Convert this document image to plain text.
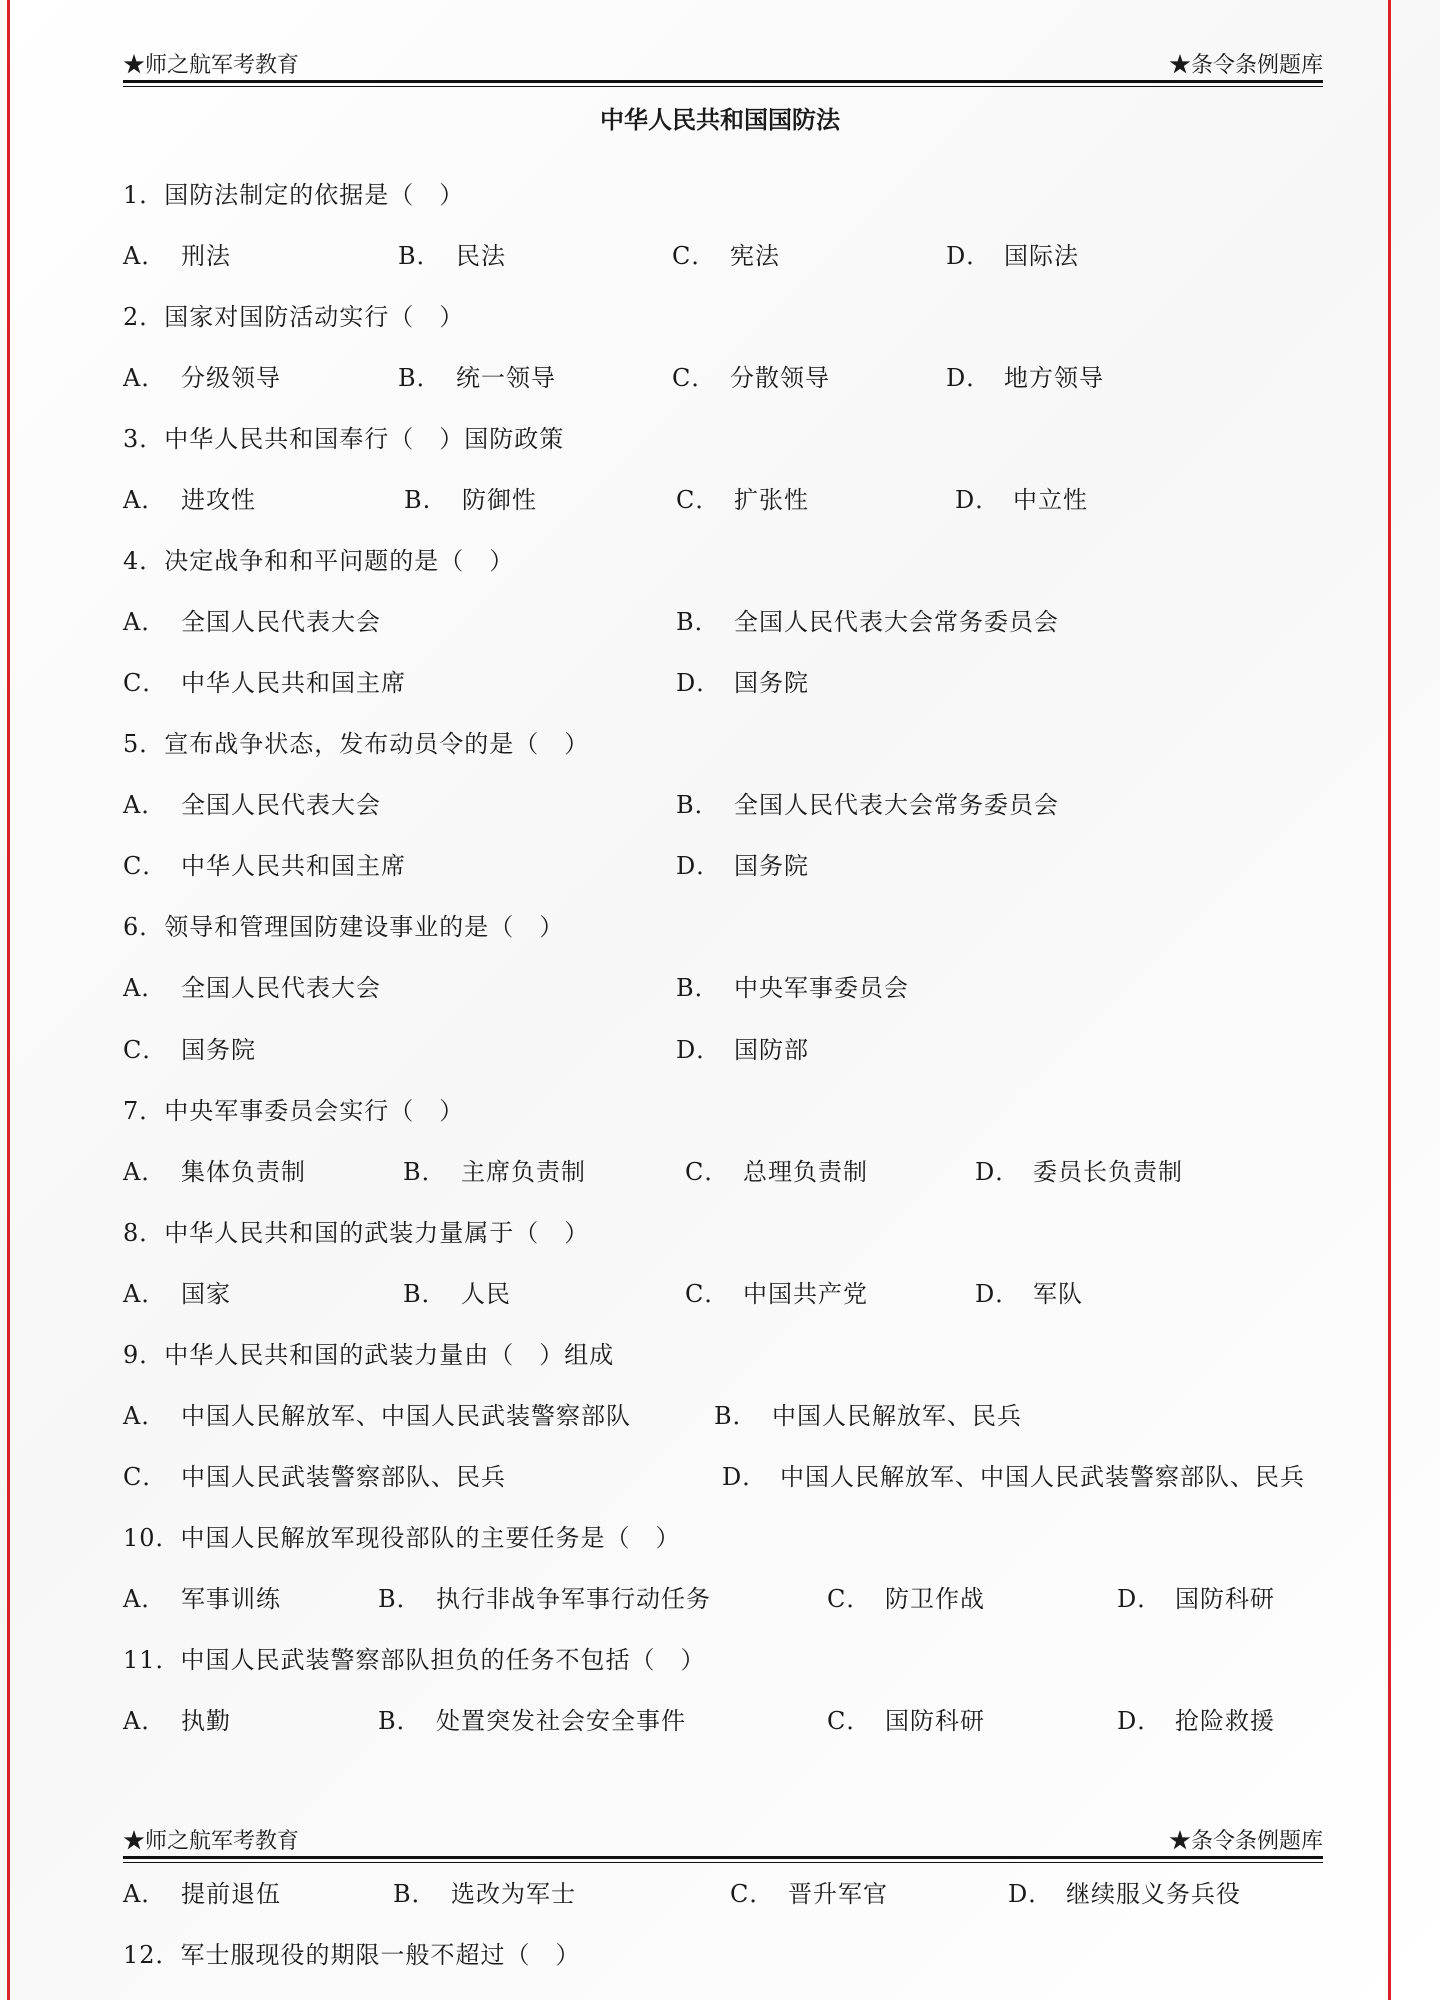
★师之航军考教育	★条令条例题库
中华人民共和国国防法
1．国防法制定的依据是（　）
A． 刑法	B． 民法	C． 宪法	D． 国际法
2．国家对国防活动实行（　）
A． 分级领导	B． 统一领导	C． 分散领导	D． 地方领导
3．中华人民共和国奉行（　）国防政策
A． 进攻性	B. 防御性	C． 扩张性	D． 中立性
4．决定战争和和平问题的是（　）
A． 全国人民代表大会	B． 全国人民代表大会常务委员会
C． 中华人民共和国主席	D． 国务院
5．宣布战争状态，发布动员令的是（　）
A． 全国人民代表大会	B． 全国人民代表大会常务委员会
C． 中华人民共和国主席	D． 国务院
6．领导和管理国防建设事业的是（　）
A． 全国人民代表大会	B． 中央军事委员会
C． 国务院	D． 国防部
7．中央军事委员会实行（　）
A． 集体负责制	B． 主席负责制	C． 总理负责制	D． 委员长负责制
8．中华人民共和国的武装力量属于（　）
A． 国家	B． 人民	C． 中国共产党	D． 军队
9．中华人民共和国的武装力量由（　）组成
A． 中国人民解放军、中国人民武装警察部队	B． 中国人民解放军、民兵
C． 中国人民武装警察部队、民兵	D． 中国人民解放军、中国人民武装警察部队、民兵
10．中国人民解放军现役部队的主要任务是（　）
A． 军事训练	B． 执行非战争军事行动任务	C． 防卫作战	D． 国防科研
11．中国人民武装警察部队担负的任务不包括（　）
A． 执勤	B． 处置突发社会安全事件	C． 国防科研	D． 抢险救援
A． 提前退伍	B． 选改为军士	C． 晋升军官	D． 继续服义务兵役
12．军士服现役的期限一般不超过（　）
★师之航军考教育	★条令条例题库
